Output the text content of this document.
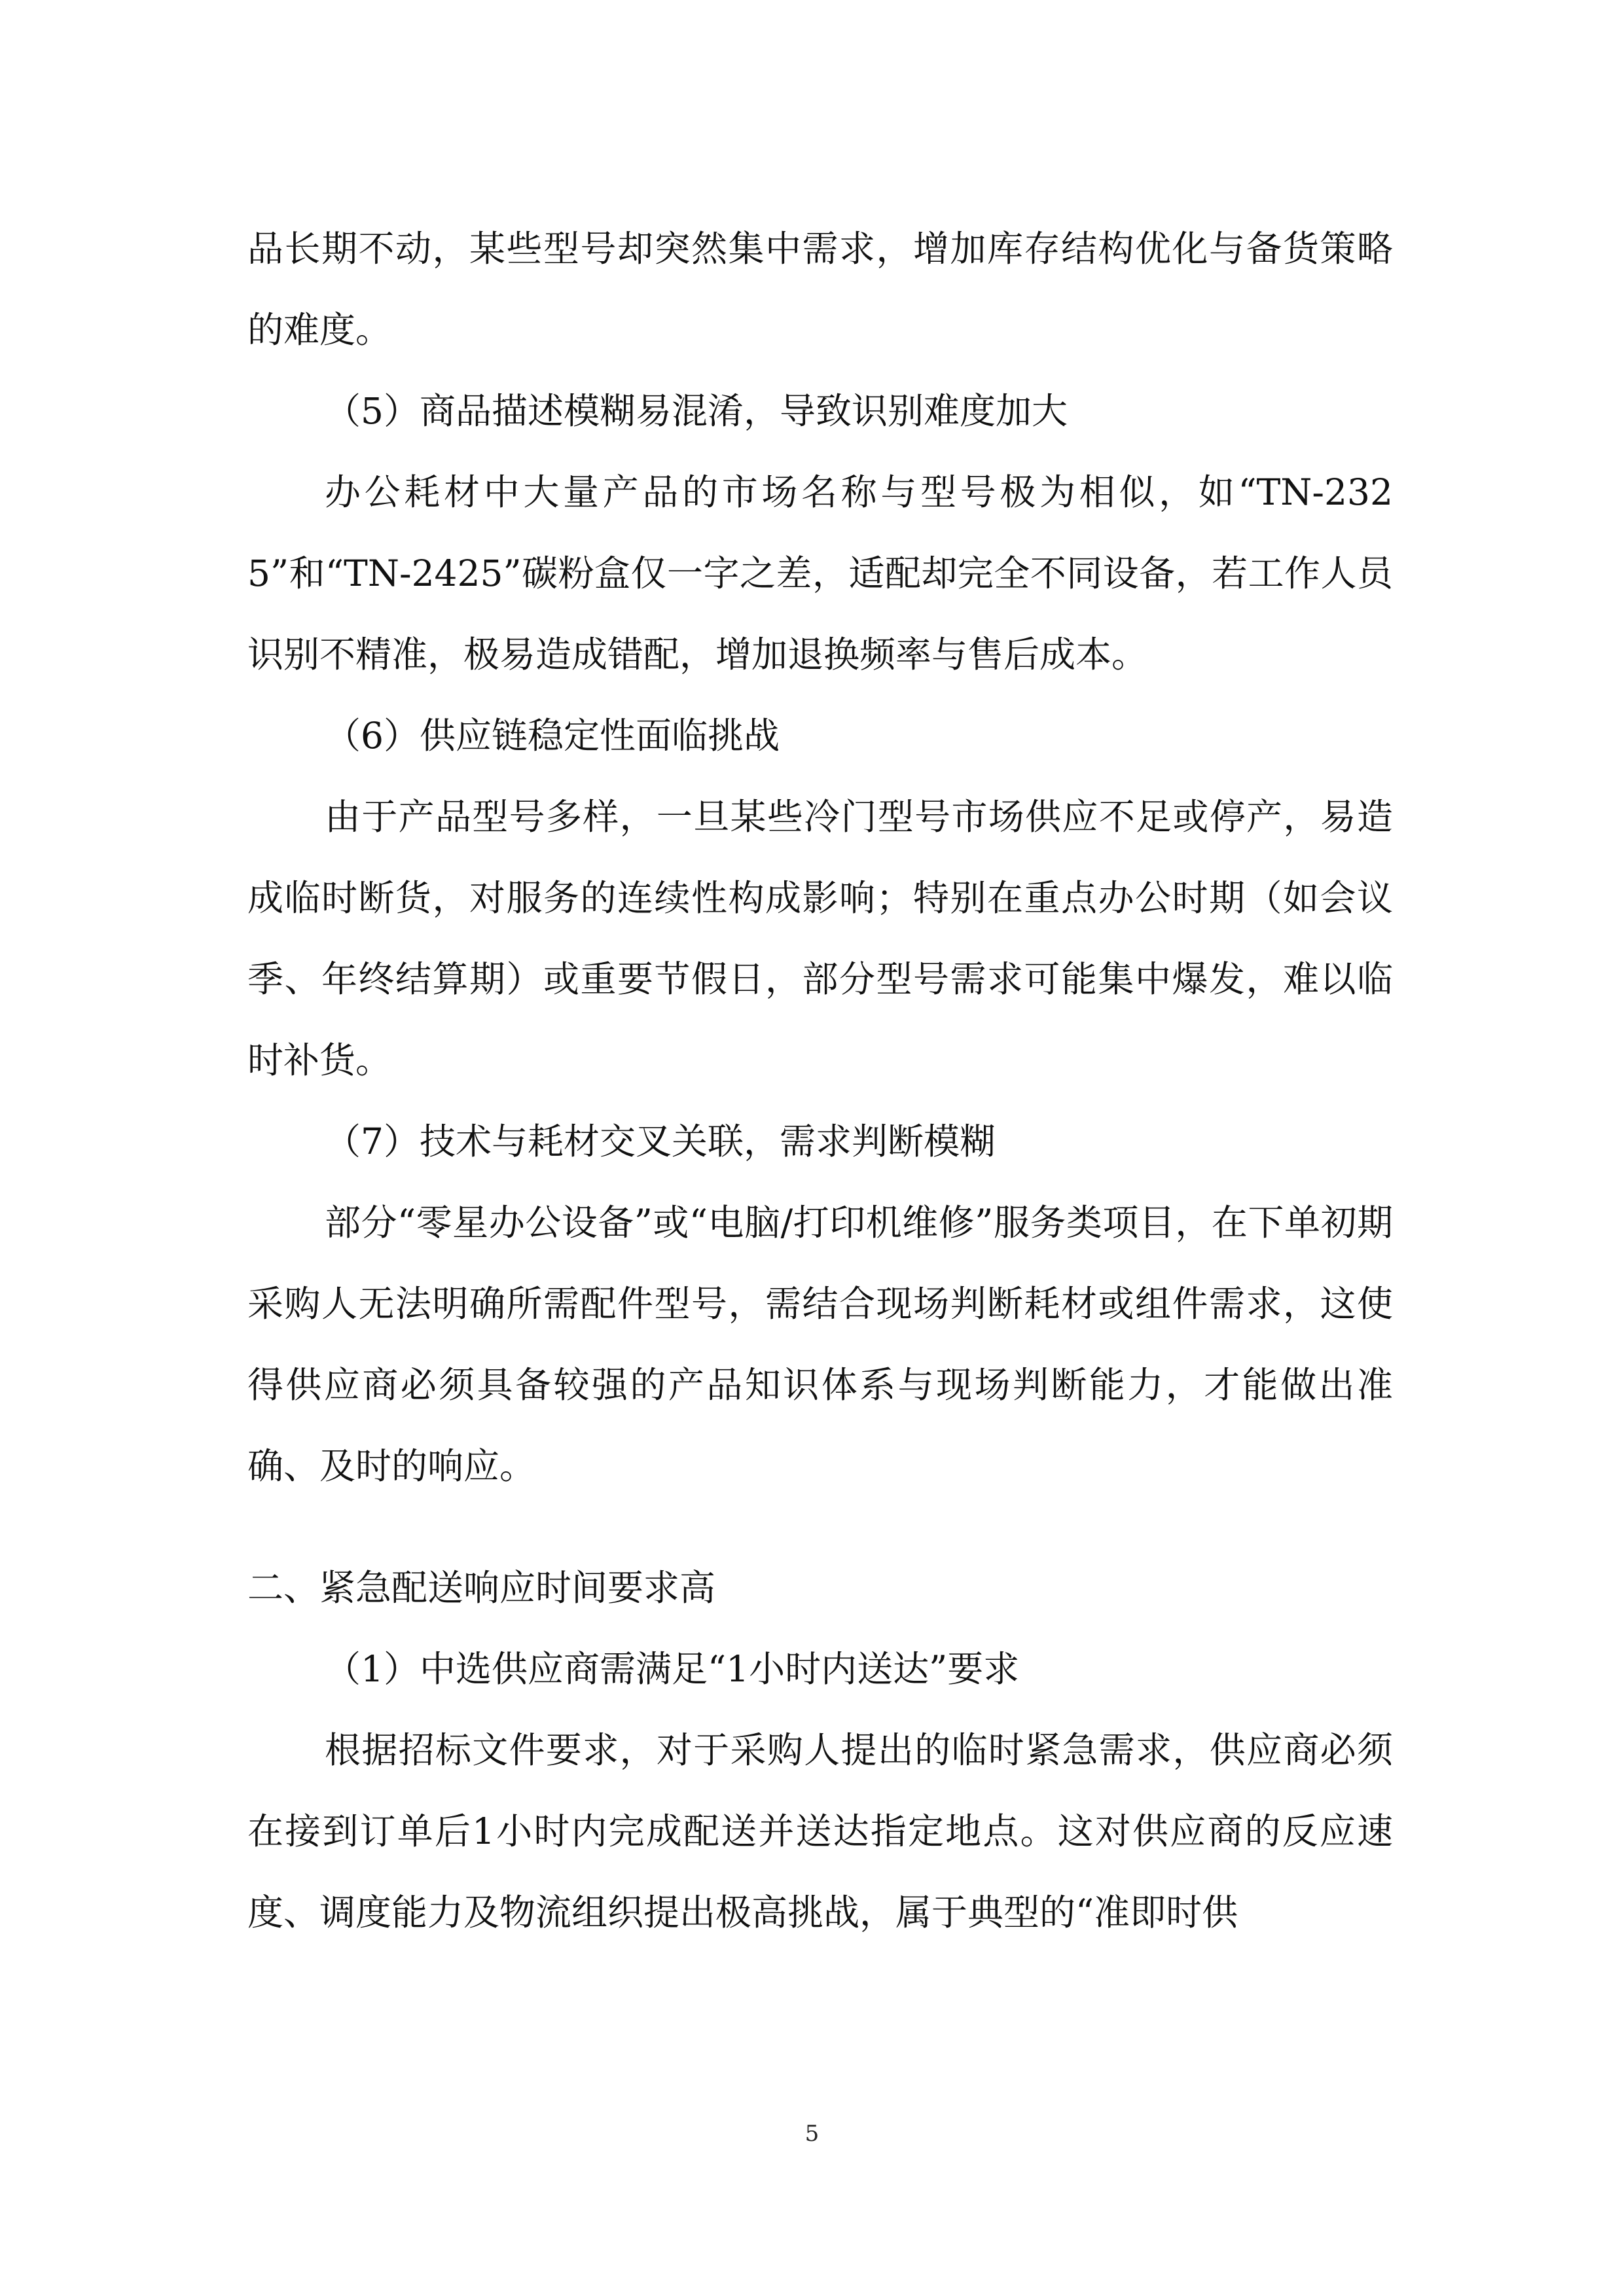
品长期不动，某些型号却突然集中需求，增加库存结构优化与备货策略的难度。

（5）商品描述模糊易混淆，导致识别难度加大

办公耗材中大量产品的市场名称与型号极为相似，如“TN-2325”和“TN-2425”碳粉盒仅一字之差，适配却完全不同设备，若工作人员识别不精准，极易造成错配，增加退换频率与售后成本。

（6）供应链稳定性面临挑战

由于产品型号多样，一旦某些冷门型号市场供应不足或停产，易造成临时断货，对服务的连续性构成影响；特别在重点办公时期（如会议季、年终结算期）或重要节假日，部分型号需求可能集中爆发，难以临时补货。

（7）技术与耗材交叉关联，需求判断模糊

部分“零星办公设备”或“电脑/打印机维修”服务类项目，在下单初期采购人无法明确所需配件型号，需结合现场判断耗材或组件需求，这使得供应商必须具备较强的产品知识体系与现场判断能力，才能做出准确、及时的响应。

二、紧急配送响应时间要求高

（1）中选供应商需满足“1小时内送达”要求

根据招标文件要求，对于采购人提出的临时紧急需求，供应商必须在接到订单后1小时内完成配送并送达指定地点。这对供应商的反应速度、调度能力及物流组织提出极高挑战，属于典型的“准即时供

5
